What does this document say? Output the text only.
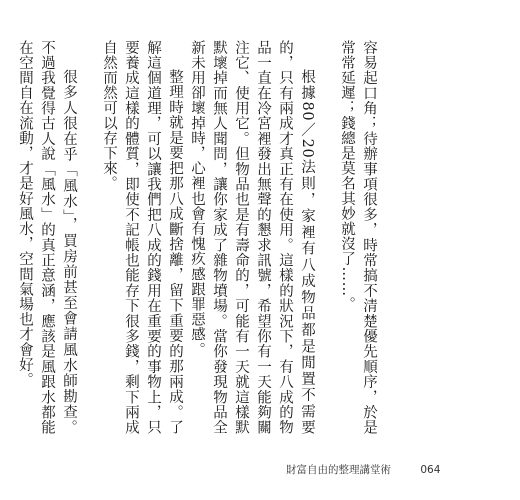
容易起口角；待辦事項很多，時常搞不清楚優先順序，於是常常延遲；錢總是莫名其妙就沒了……。

根據80／20法則，家裡有八成物品都是閒置不需要的，只有兩成才真正有在使用。這樣的狀況下，有八成的物品一直在冷宮裡發出無聲的懇求訊號，希望你有一天能夠關注它、使用它。但物品也是有壽命的，可能有一天就這樣默默壞掉而無人聞問，讓你家成了雜物墳場。當你發現物品全新未用卻壞掉時，心裡也會有愧疚感跟罪惡感。

整理時就是要把那八成斷捨離，留下重要的那兩成。了解這個道理，可以讓我們把八成的錢用在重要的事物上，只要養成這樣的體質，即使不記帳也能存下很多錢，剩下兩成自然而然可以存下來。

很多人很在乎「風水」，買房前甚至會請風水師勘查。不過我覺得古人說「風水」的真正意涵，應該是風跟水都能在空間自在流動，才是好風水，空間氣場也才會好。

財富自由的整理講堂術	064
